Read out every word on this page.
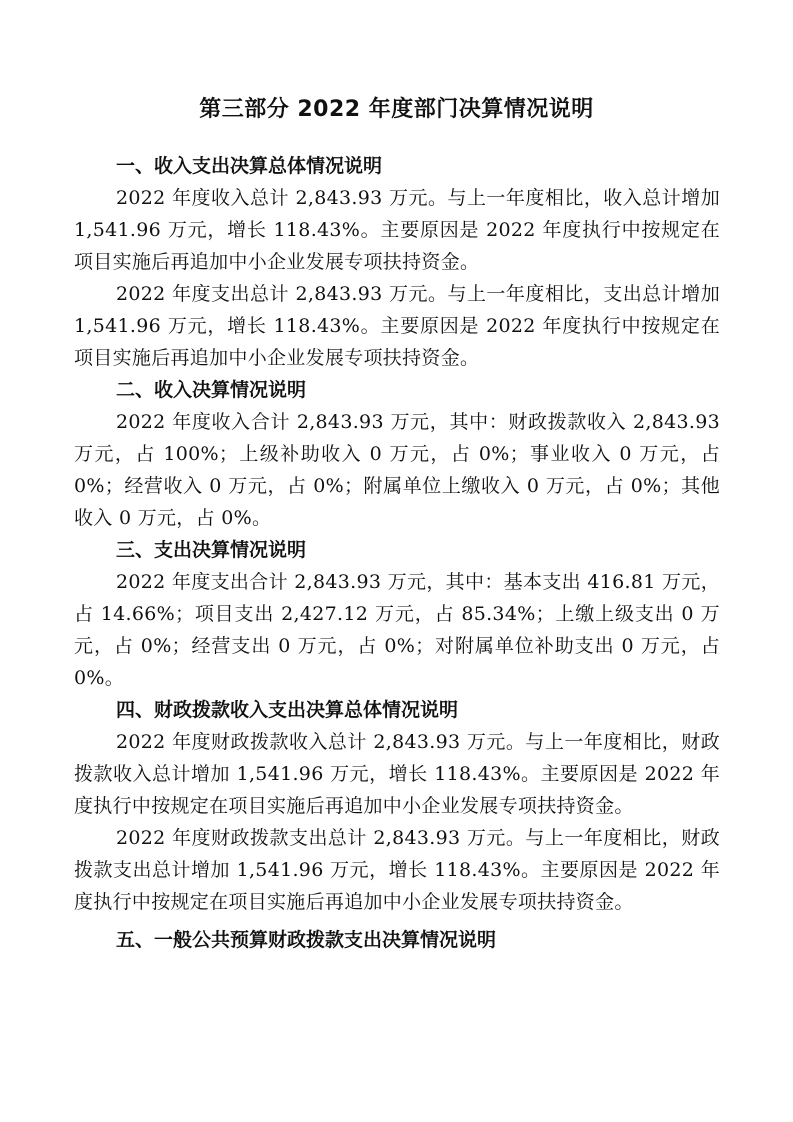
第三部分 2022 年度部门决算情况说明
一、收入支出决算总体情况说明

2022 年度收入总计 2,843.93 万元。与上一年度相比，收入总计增加 1,541.96 万元，增长 118.43%。主要原因是 2022 年度执行中按规定在项目实施后再追加中小企业发展专项扶持资金。

2022 年度支出总计 2,843.93 万元。与上一年度相比，支出总计增加 1,541.96 万元，增长 118.43%。主要原因是 2022 年度执行中按规定在项目实施后再追加中小企业发展专项扶持资金。

二、收入决算情况说明

2022 年度收入合计 2,843.93 万元，其中：财政拨款收入 2,843.93 万元，占 100%；上级补助收入 0 万元，占 0%；事业收入 0 万元，占 0%；经营收入 0 万元，占 0%；附属单位上缴收入 0 万元，占 0%；其他收入 0 万元，占 0%。

三、支出决算情况说明

2022 年度支出合计 2,843.93 万元，其中：基本支出 416.81 万元，占 14.66%；项目支出 2,427.12 万元，占 85.34%；上缴上级支出 0 万元，占 0%；经营支出 0 万元，占 0%；对附属单位补助支出 0 万元，占 0%。

四、财政拨款收入支出决算总体情况说明

2022 年度财政拨款收入总计 2,843.93 万元。与上一年度相比，财政拨款收入总计增加 1,541.96 万元，增长 118.43%。主要原因是 2022 年度执行中按规定在项目实施后再追加中小企业发展专项扶持资金。

2022 年度财政拨款支出总计 2,843.93 万元。与上一年度相比，财政拨款支出总计增加 1,541.96 万元，增长 118.43%。主要原因是 2022 年度执行中按规定在项目实施后再追加中小企业发展专项扶持资金。

五、一般公共预算财政拨款支出决算情况说明
